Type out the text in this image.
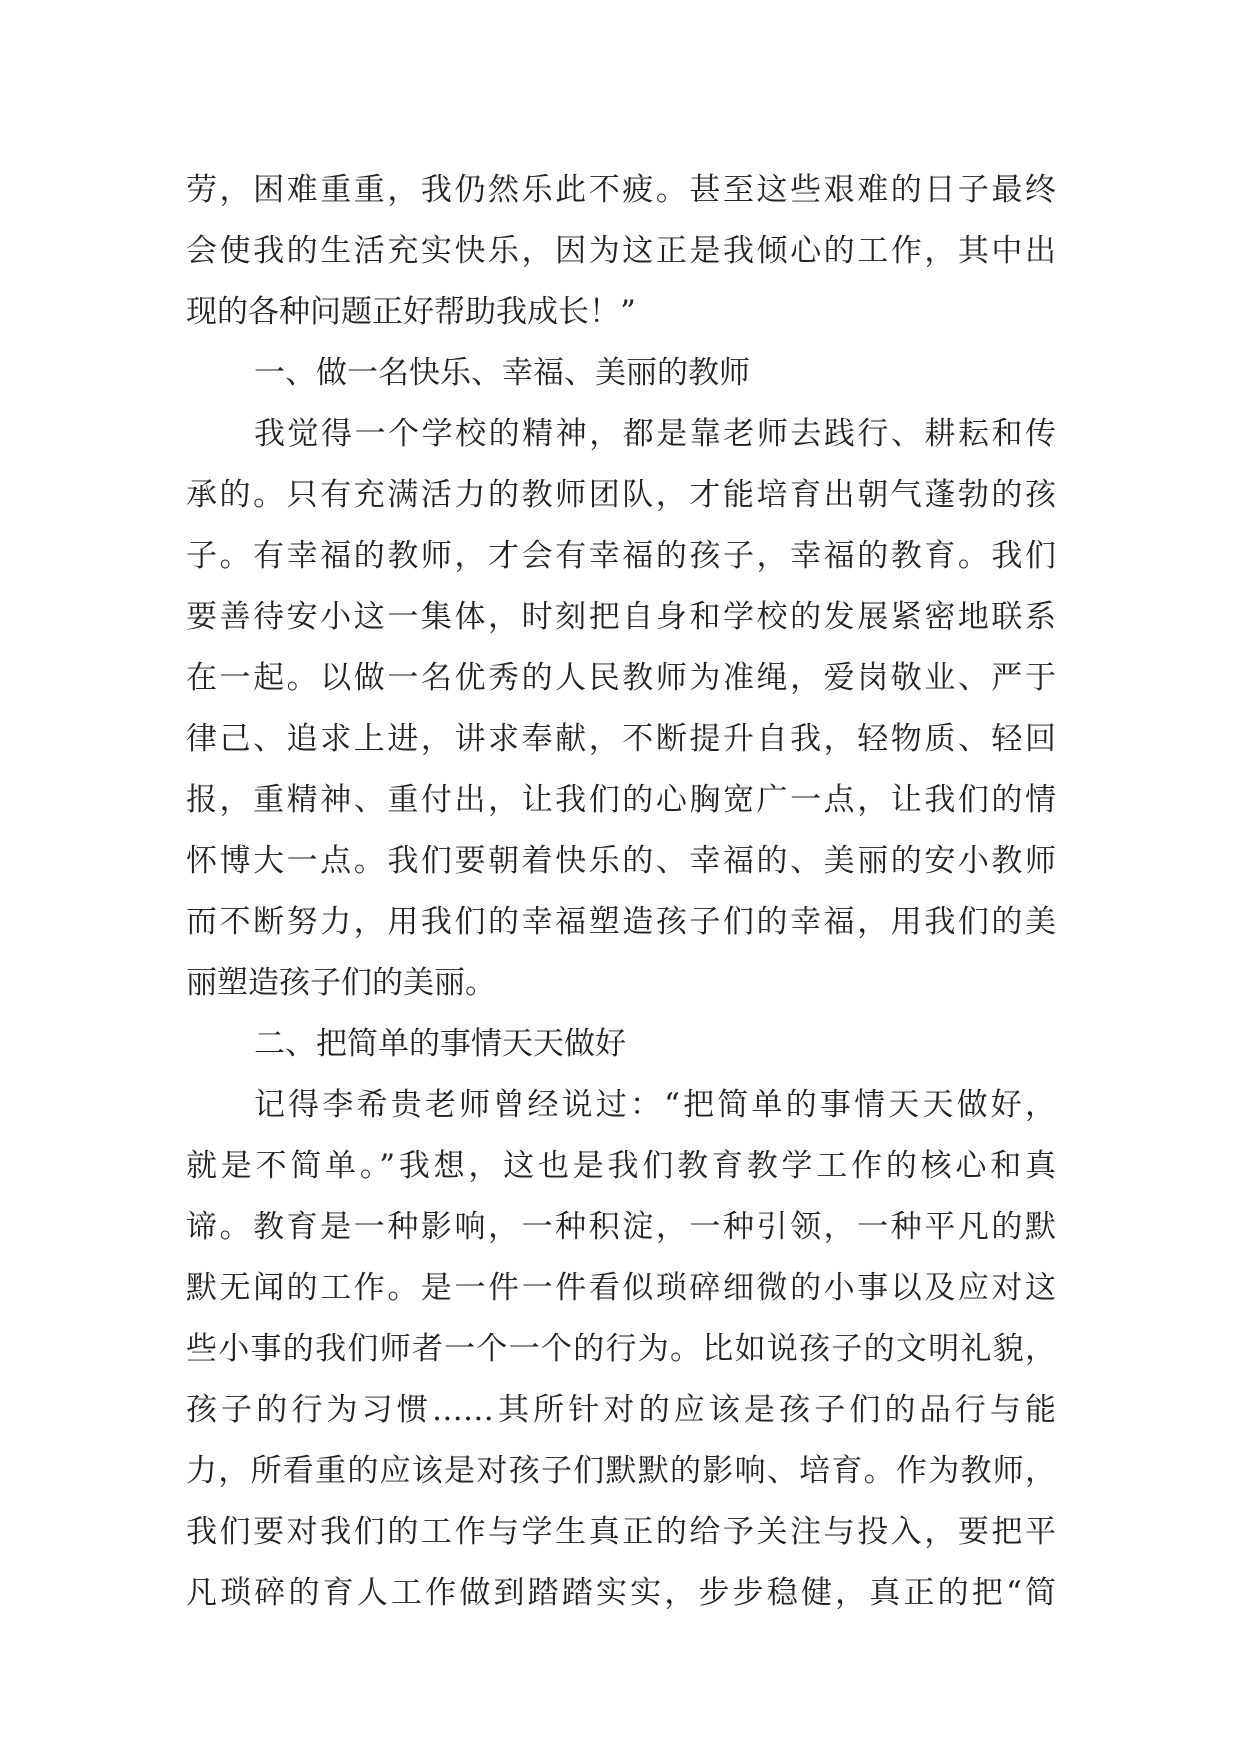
劳，困难重重，我仍然乐此不疲。甚至这些艰难的日子最终
会使我的生活充实快乐，因为这正是我倾心的工作，其中出
现的各种问题正好帮助我成长！”
一、做一名快乐、幸福、美丽的教师
我觉得一个学校的精神，都是靠老师去践行、耕耘和传
承的。只有充满活力的教师团队，才能培育出朝气蓬勃的孩
子。有幸福的教师，才会有幸福的孩子，幸福的教育。我们
要善待安小这一集体，时刻把自身和学校的发展紧密地联系
在一起。以做一名优秀的人民教师为准绳，爱岗敬业、严于
律己、追求上进，讲求奉献，不断提升自我，轻物质、轻回
报，重精神、重付出，让我们的心胸宽广一点，让我们的情
怀博大一点。我们要朝着快乐的、幸福的、美丽的安小教师
而不断努力，用我们的幸福塑造孩子们的幸福，用我们的美
丽塑造孩子们的美丽。
二、把简单的事情天天做好
记得李希贵老师曾经说过：“把简单的事情天天做好，
就是不简单。”我想，这也是我们教育教学工作的核心和真
谛。教育是一种影响，一种积淀，一种引领，一种平凡的默
默无闻的工作。是一件一件看似琐碎细微的小事以及应对这
些小事的我们师者一个一个的行为。比如说孩子的文明礼貌，
孩子的行为习惯……其所针对的应该是孩子们的品行与能
力，所看重的应该是对孩子们默默的影响、培育。作为教师，
我们要对我们的工作与学生真正的给予关注与投入，要把平
凡琐碎的育人工作做到踏踏实实，步步稳健，真正的把“简
